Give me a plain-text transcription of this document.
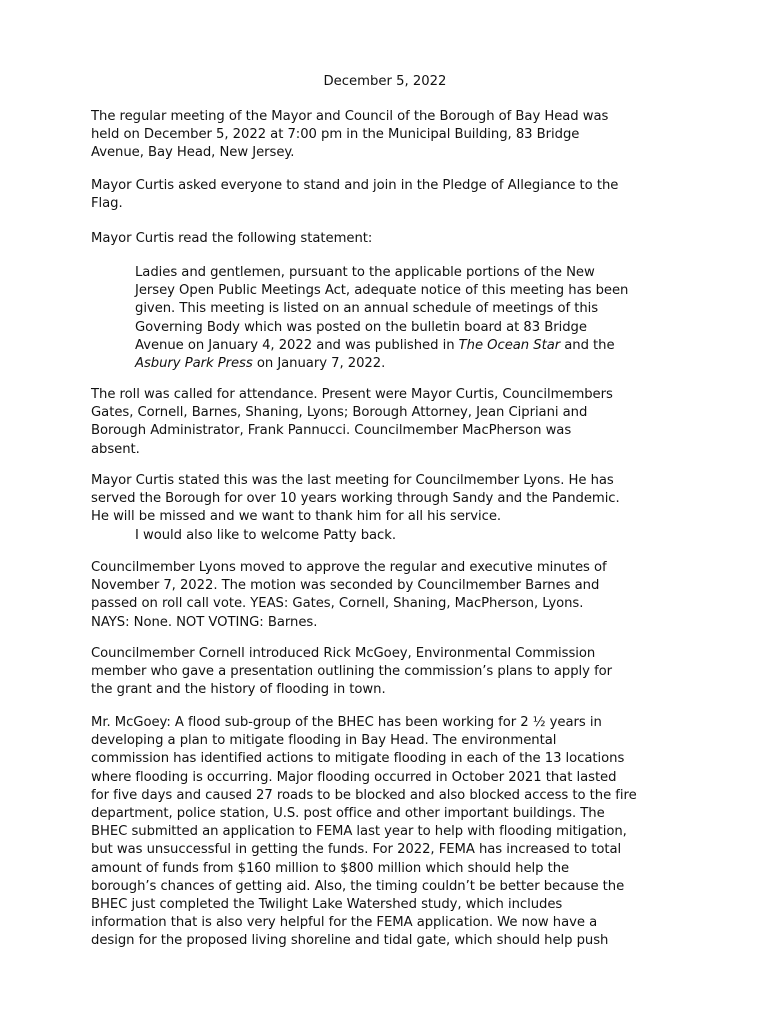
December 5, 2022

The regular meeting of the Mayor and Council of the Borough of Bay Head was
held on December 5, 2022 at 7:00 pm in the Municipal Building, 83 Bridge
Avenue, Bay Head, New Jersey.

Mayor Curtis asked everyone to stand and join in the Pledge of Allegiance to the
Flag.

Mayor Curtis read the following statement:

Ladies and gentlemen, pursuant to the applicable portions of the New
Jersey Open Public Meetings Act, adequate notice of this meeting has been
given. This meeting is listed on an annual schedule of meetings of this
Governing Body which was posted on the bulletin board at 83 Bridge
Avenue on January 4, 2022 and was published in The Ocean Star and the
Asbury Park Press on January 7, 2022.

The roll was called for attendance. Present were Mayor Curtis, Councilmembers
Gates, Cornell, Barnes, Shaning, Lyons; Borough Attorney, Jean Cipriani and
Borough Administrator, Frank Pannucci. Councilmember MacPherson was
absent.

Mayor Curtis stated this was the last meeting for Councilmember Lyons. He has
served the Borough for over 10 years working through Sandy and the Pandemic.
He will be missed and we want to thank him for all his service.
I would also like to welcome Patty back.

Councilmember Lyons moved to approve the regular and executive minutes of
November 7, 2022. The motion was seconded by Councilmember Barnes and
passed on roll call vote. YEAS: Gates, Cornell, Shaning, MacPherson, Lyons.
NAYS: None. NOT VOTING: Barnes.

Councilmember Cornell introduced Rick McGoey, Environmental Commission
member who gave a presentation outlining the commission’s plans to apply for
the grant and the history of flooding in town.

Mr. McGoey: A flood sub-group of the BHEC has been working for 2 ½ years in
developing a plan to mitigate flooding in Bay Head. The environmental
commission has identified actions to mitigate flooding in each of the 13 locations
where flooding is occurring. Major flooding occurred in October 2021 that lasted
for five days and caused 27 roads to be blocked and also blocked access to the fire
department, police station, U.S. post office and other important buildings. The
BHEC submitted an application to FEMA last year to help with flooding mitigation,
but was unsuccessful in getting the funds. For 2022, FEMA has increased to total
amount of funds from $160 million to $800 million which should help the
borough’s chances of getting aid. Also, the timing couldn’t be better because the
BHEC just completed the Twilight Lake Watershed study, which includes
information that is also very helpful for the FEMA application. We now have a
design for the proposed living shoreline and tidal gate, which should help push
